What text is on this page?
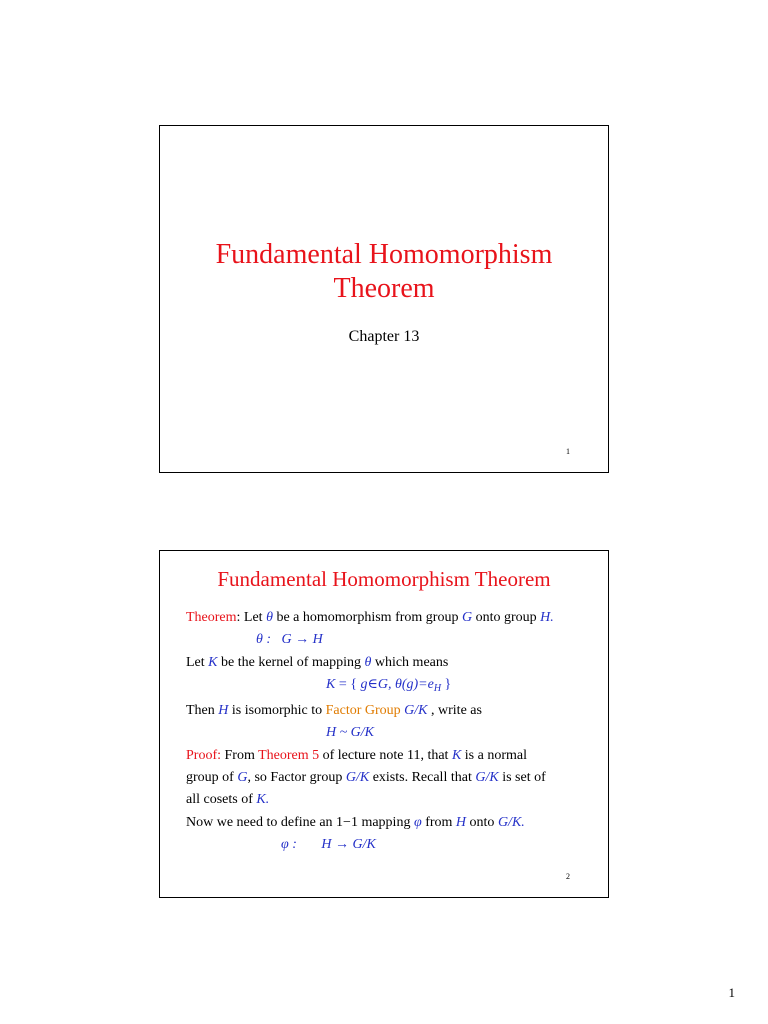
Fundamental Homomorphism
Theorem
Chapter 13
1
Fundamental Homomorphism Theorem
Theorem: Let θ be a homomorphism from group G onto group H.
θ : G → H
Let K be the kernel of mapping θ which means
K = { g∈G, $\theta(g)=e_H$ }
Then H is isomorphic to Factor Group G/K , write as
H ~ G/K
Proof: From Theorem 5 of lecture note 11, that K is a normal
group of G, so Factor group G/K exists. Recall that G/K is set of
all cosets of K.
Now we need to define an 1−1 mapping φ from H onto G/K.
φ : H → G/K
2
1
